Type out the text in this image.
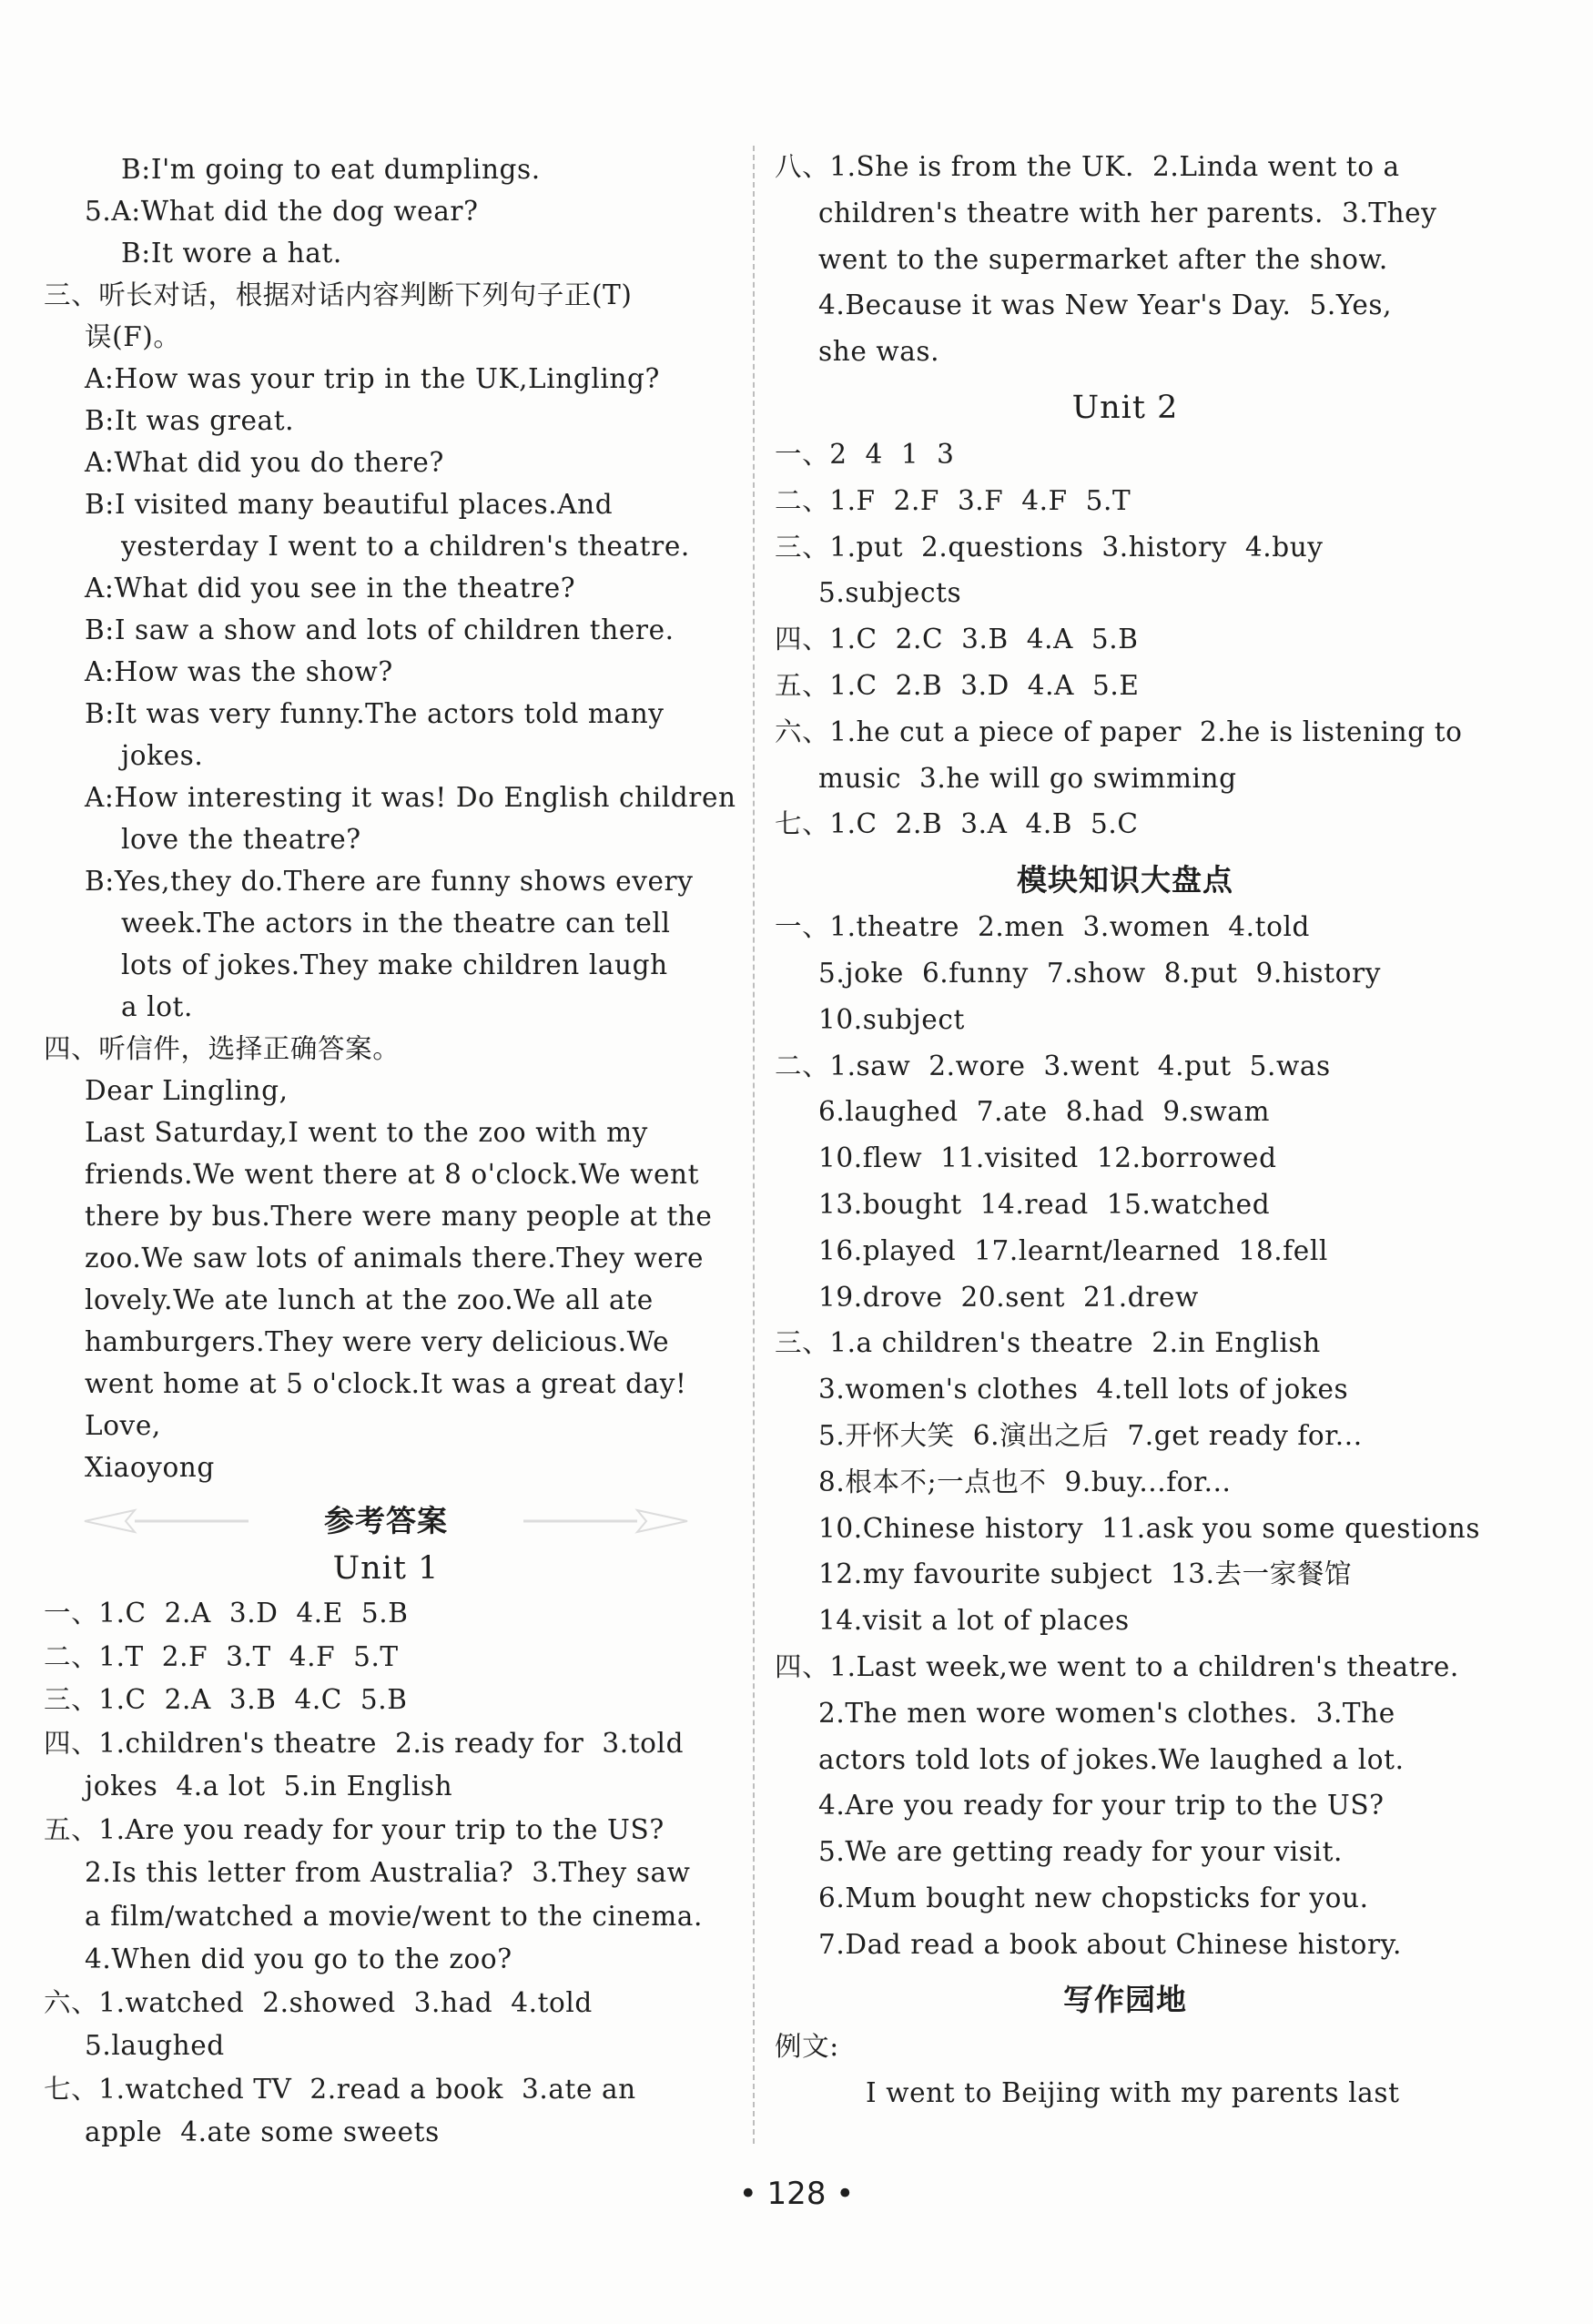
B:I'm going to eat dumplings.
5.A:What did the dog wear?
B:It wore a hat.
三、听长对话，根据对话内容判断下列句子正(T)
误(F)。
A:How was your trip in the UK,Lingling?
B:It was great.
A:What did you do there?
B:I visited many beautiful places.And
yesterday I went to a children's theatre.
A:What did you see in the theatre?
B:I saw a show and lots of children there.
A:How was the show?
B:It was very funny.The actors told many
jokes.
A:How interesting it was! Do English children
love the theatre?
B:Yes,they do.There are funny shows every
week.The actors in the theatre can tell
lots of jokes.They make children laugh
a lot.
四、听信件，选择正确答案。
Dear Lingling,
Last Saturday,I went to the zoo with my
friends.We went there at 8 o'clock.We went
there by bus.There were many people at the
zoo.We saw lots of animals there.They were
lovely.We ate lunch at the zoo.We all ate
hamburgers.They were very delicious.We
went home at 5 o'clock.It was a great day!
Love,
Xiaoyong
参考答案
Unit 1
一、1.C  2.A  3.D  4.E  5.B
二、1.T  2.F  3.T  4.F  5.T
三、1.C  2.A  3.B  4.C  5.B
四、1.children's theatre  2.is ready for  3.told
jokes  4.a lot  5.in English
五、1.Are you ready for your trip to the US?
2.Is this letter from Australia?  3.They saw
a film/watched a movie/went to the cinema.
4.When did you go to the zoo?
六、1.watched  2.showed  3.had  4.told
5.laughed
七、1.watched TV  2.read a book  3.ate an
apple  4.ate some sweets
八、1.She is from the UK.  2.Linda went to a
children's theatre with her parents.  3.They
went to the supermarket after the show.
4.Because it was New Year's Day.  5.Yes,
she was.
Unit 2
一、2  4  1  3
二、1.F  2.F  3.F  4.F  5.T
三、1.put  2.questions  3.history  4.buy
5.subjects
四、1.C  2.C  3.B  4.A  5.B
五、1.C  2.B  3.D  4.A  5.E
六、1.he cut a piece of paper  2.he is listening to
music  3.he will go swimming
七、1.C  2.B  3.A  4.B  5.C
模块知识大盘点
一、1.theatre  2.men  3.women  4.told
5.joke  6.funny  7.show  8.put  9.history
10.subject
二、1.saw  2.wore  3.went  4.put  5.was
6.laughed  7.ate  8.had  9.swam
10.flew  11.visited  12.borrowed
13.bought  14.read  15.watched
16.played  17.learnt/learned  18.fell
19.drove  20.sent  21.drew
三、1.a children's theatre  2.in English
3.women's clothes  4.tell lots of jokes
5.开怀大笑  6.演出之后  7.get ready for...
8.根本不;一点也不  9.buy...for...
10.Chinese history  11.ask you some questions
12.my favourite subject  13.去一家餐馆
14.visit a lot of places
四、1.Last week,we went to a children's theatre.
2.The men wore women's clothes.  3.The
actors told lots of jokes.We laughed a lot.
4.Are you ready for your trip to the US?
5.We are getting ready for your visit.
6.Mum bought new chopsticks for you.
7.Dad read a book about Chinese history.
写作园地
例文:
I went to Beijing with my parents last
• 128 •
